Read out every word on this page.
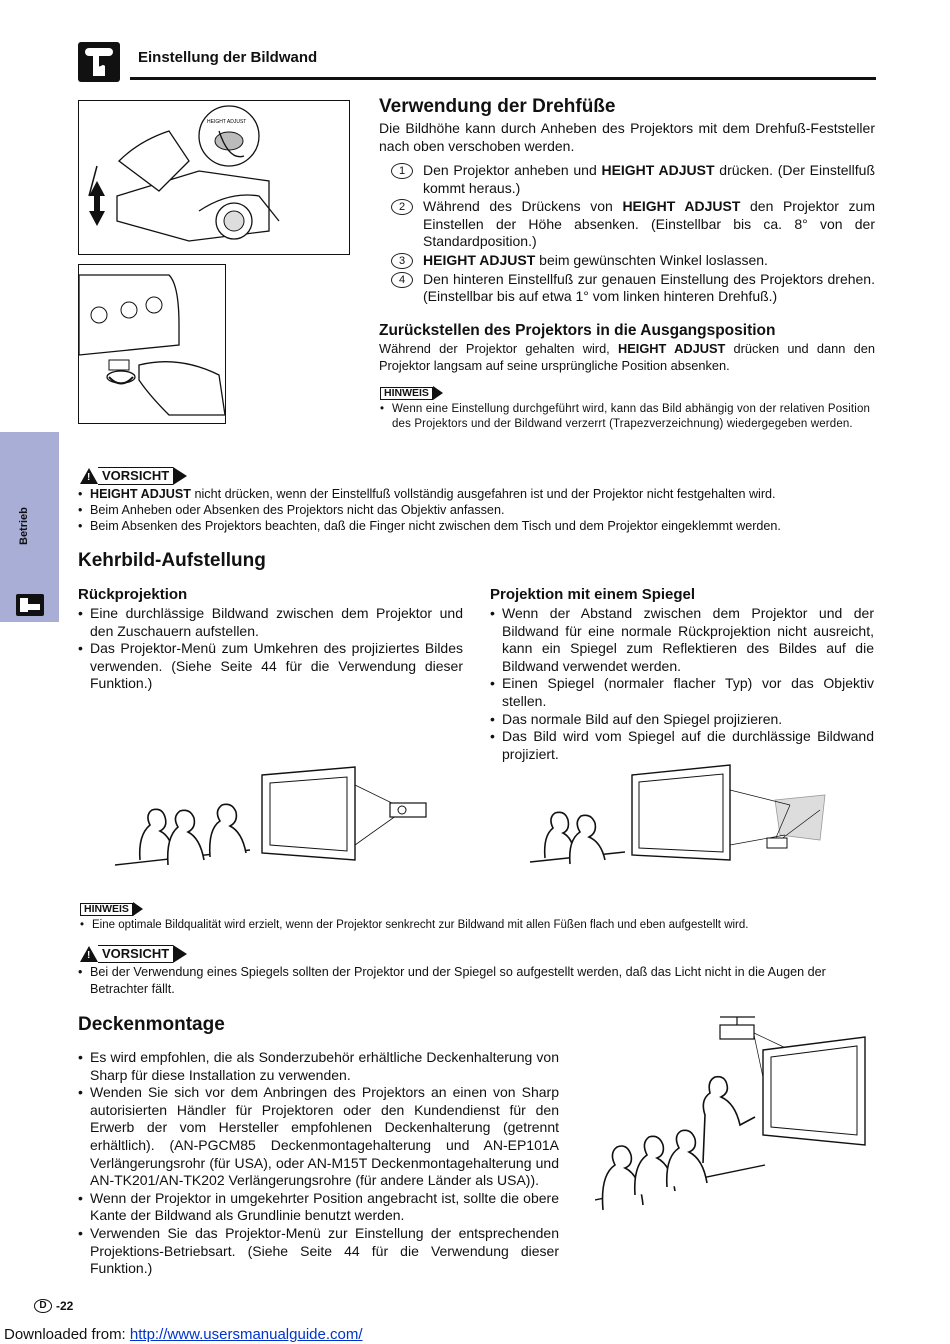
Einstellung der Bildwand
Betrieb
HEIGHT ADJUST
Verwendung der Drehfüße
Die Bildhöhe kann durch Anheben des Projektors mit dem Drehfuß-Feststeller nach oben verschoben werden.
1	Den Projektor anheben und HEIGHT ADJUST drücken. (Der Einstellfuß kommt heraus.)
2	Während des Drückens von HEIGHT ADJUST den Projektor zum Einstellen der Höhe absenken. (Einstellbar bis ca. 8° von der Standardposition.)
3	HEIGHT ADJUST beim gewünschten Winkel loslassen.
4	Den hinteren Einstellfuß zur genauen Einstellung des Projektors drehen. (Einstellbar bis auf etwa 1° vom linken hinteren Drehfuß.)
Zurückstellen des Projektors in die Ausgangsposition
Während der Projektor gehalten wird, HEIGHT ADJUST drücken und dann den Projektor langsam auf seine ursprüngliche Position absenken.
HINWEIS
• Wenn eine Einstellung durchgeführt wird, kann das Bild abhängig von der relativen Position des Projektors und der Bildwand verzerrt (Trapezverzeichnung) wiedergegeben werden.
! VORSICHT
• HEIGHT ADJUST nicht drücken, wenn der Einstellfuß vollständig ausgefahren ist und der Projektor nicht festgehalten wird.
• Beim Anheben oder Absenken des Projektors nicht das Objektiv anfassen.
• Beim Absenken des Projektors beachten, daß die Finger nicht zwischen dem Tisch und dem Projektor eingeklemmt werden.
Kehrbild-Aufstellung
Rückprojektion
• Eine durchlässige Bildwand zwischen dem Projektor und den Zuschauern aufstellen.
• Das Projektor-Menü zum Umkehren des projiziertes Bildes verwenden. (Siehe Seite 44 für die Verwendung dieser Funktion.)
Projektion mit einem Spiegel
• Wenn der Abstand zwischen dem Projektor und der Bildwand für eine normale Rückprojektion nicht ausreicht, kann ein Spiegel zum Reflektieren des Bildes auf die Bildwand verwendet werden.
• Einen Spiegel (normaler flacher Typ) vor das Objektiv stellen.
• Das normale Bild auf den Spiegel projizieren.
• Das Bild wird vom Spiegel auf die durchlässige Bildwand projiziert.
HINWEIS
• Eine optimale Bildqualität wird erzielt, wenn der Projektor senkrecht zur Bildwand mit allen Füßen flach und eben aufgestellt wird.
! VORSICHT
• Bei der Verwendung eines Spiegels sollten der Projektor und der Spiegel so aufgestellt werden, daß das Licht nicht in die Augen der Betrachter fällt.
Deckenmontage
• Es wird empfohlen, die als Sonderzubehör erhältliche Deckenhalterung von Sharp für diese Installation zu verwenden.
• Wenden Sie sich vor dem Anbringen des Projektors an einen von Sharp autorisierten Händler für Projektoren oder den Kundendienst für den Erwerb der vom Hersteller empfohlenen Deckenhalterung (getrennt erhältlich). (AN-PGCM85 Deckenmontagehalterung und AN-EP101A Verlängerungsrohr (für USA), oder AN-M15T Deckenmontagehalterung und AN-TK201/AN-TK202 Verlängerungsrohre (für andere Länder als USA)).
• Wenn der Projektor in umgekehrter Position angebracht ist, sollte die obere Kante der Bildwand als Grundlinie benutzt werden.
• Verwenden Sie das Projektor-Menü zur Einstellung der entsprechenden Projektions-Betriebsart. (Siehe Seite 44 für die Verwendung dieser Funktion.)
D -22
Downloaded from: http://www.usersmanualguide.com/
